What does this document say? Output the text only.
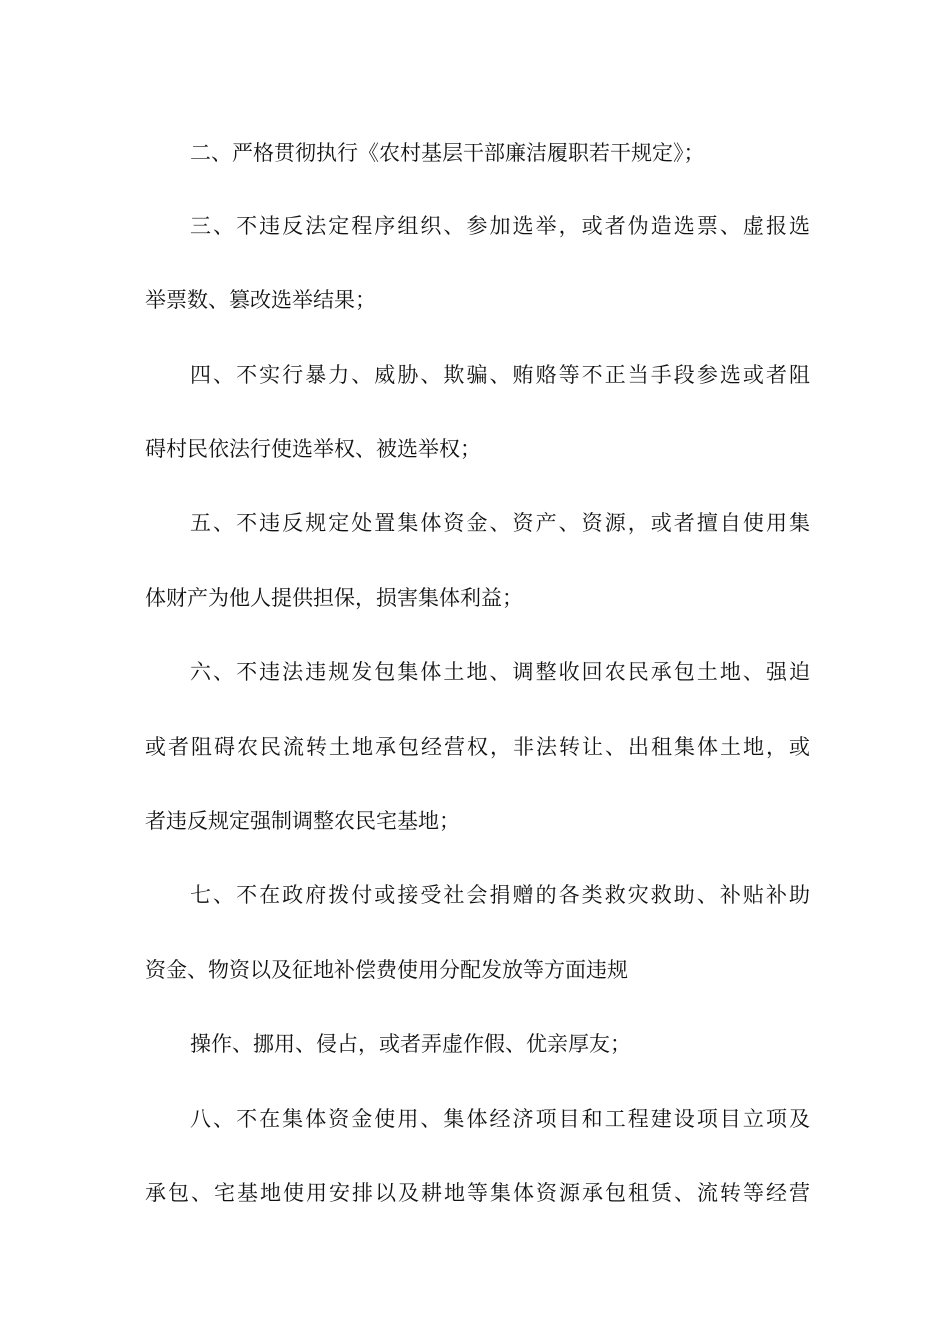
二、严格贯彻执行《农村基层干部廉洁履职若干规定》；
三、不违反法定程序组织、参加选举，或者伪造选票、虚报选
举票数、篡改选举结果；
四、不实行暴力、威胁、欺骗、贿赂等不正当手段参选或者阻
碍村民依法行使选举权、被选举权；
五、不违反规定处置集体资金、资产、资源，或者擅自使用集
体财产为他人提供担保，损害集体利益；
六、不违法违规发包集体土地、调整收回农民承包土地、强迫
或者阻碍农民流转土地承包经营权，非法转让、出租集体土地，或
者违反规定强制调整农民宅基地；
七、不在政府拨付或接受社会捐赠的各类救灾救助、补贴补助
资金、物资以及征地补偿费使用分配发放等方面违规
操作、挪用、侵占，或者弄虚作假、优亲厚友；
八、不在集体资金使用、集体经济项目和工程建设项目立项及
承包、宅基地使用安排以及耕地等集体资源承包租赁、流转等经营
